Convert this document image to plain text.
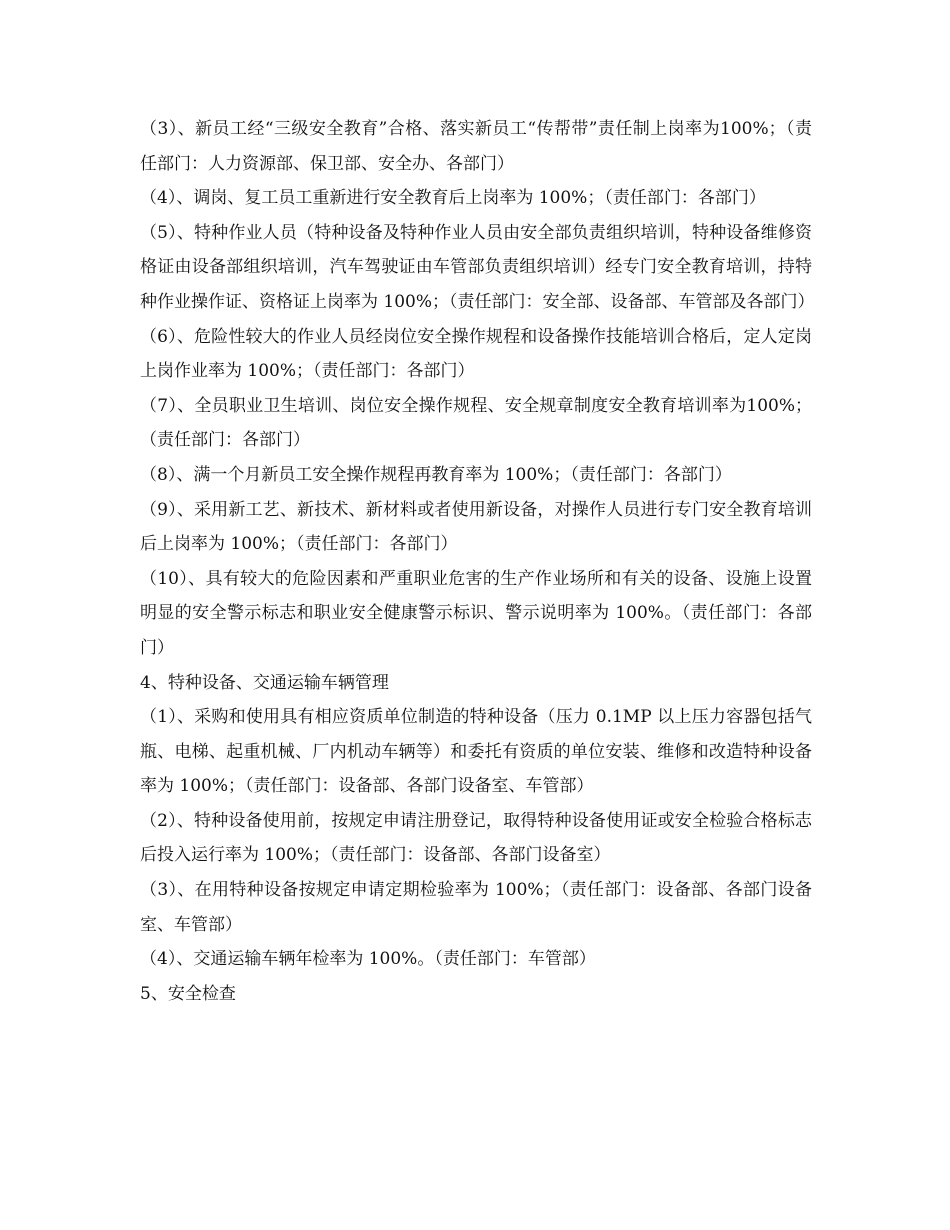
（3）、新员工经“三级安全教育”合格、落实新员工“传帮带”责任制上岗率为100%；（责任部门：人力资源部、保卫部、安全办、各部门）

（4）、调岗、复工员工重新进行安全教育后上岗率为 100%；（责任部门：各部门）

（5）、特种作业人员（特种设备及特种作业人员由安全部负责组织培训，特种设备维修资格证由设备部组织培训，汽车驾驶证由车管部负责组织培训）经专门安全教育培训，持特种作业操作证、资格证上岗率为 100%；（责任部门：安全部、设备部、车管部及各部门）

（6）、危险性较大的作业人员经岗位安全操作规程和设备操作技能培训合格后，定人定岗上岗作业率为 100%；（责任部门：各部门）

（7）、全员职业卫生培训、岗位安全操作规程、安全规章制度安全教育培训率为100%；（责任部门：各部门）

（8）、满一个月新员工安全操作规程再教育率为 100%；（责任部门：各部门）

（9）、采用新工艺、新技术、新材料或者使用新设备，对操作人员进行专门安全教育培训后上岗率为 100%；（责任部门：各部门）

（10）、具有较大的危险因素和严重职业危害的生产作业场所和有关的设备、设施上设置明显的安全警示标志和职业安全健康警示标识、警示说明率为 100%。（责任部门：各部门）

4、特种设备、交通运输车辆管理

（1）、采购和使用具有相应资质单位制造的特种设备（压力 0.1MP 以上压力容器包括气瓶、电梯、起重机械、厂内机动车辆等）和委托有资质的单位安装、维修和改造特种设备率为 100%；（责任部门：设备部、各部门设备室、车管部）

（2）、特种设备使用前，按规定申请注册登记，取得特种设备使用证或安全检验合格标志后投入运行率为 100%；（责任部门：设备部、各部门设备室）

（3）、在用特种设备按规定申请定期检验率为 100%；（责任部门：设备部、各部门设备室、车管部）

（4）、交通运输车辆年检率为 100%。（责任部门：车管部）

5、安全检查
